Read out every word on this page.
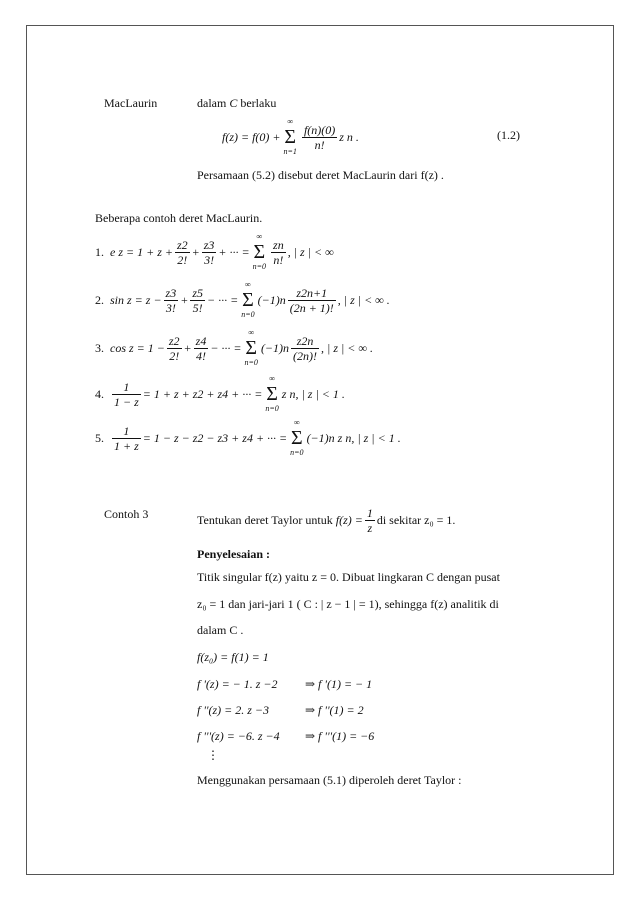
MacLaurin	dalam C berlaku
f(z) = f(0) +
∞
Σ
$n=1 \frac{f(n)(0)}{n!}$ z n .	(1.2)
Persamaan (5.2) disebut deret MacLaurin dari f(z) .
Beberapa contoh deret MacLaurin.
1. e $z = 1 + z + \frac{z2}{2!} + \frac{z3}{3!}$ + ··· =
∞
Σ
$n=0 \frac{zn}{n!}$ , | z | < ∞
2. $\sin z = z - \frac{z3}{3!} + \frac{z5}{5!}$ − ··· =
∞
Σ
n=0
$(-1)n \frac{z2n+1}{(2n + 1)!}$ , | z | < ∞ .
3. $\cos z = 1 - \frac{z2}{2!} + \frac{z4}{4!}$ − ··· =
∞
Σ
n=0
$(-1)n \frac{z2n}{(2n)!}$ , | z | < ∞ .
4. $\frac{1}{1 - z} = 1 + z + z2 + z4$ + ··· =
∞
Σ
n=0
z n , | z | < 1 .
5. $\frac{1}{1 + z} = 1 - z - z2 - z3 + z4$ + ··· =
∞
Σ
n=0
(−1)n z n , | z | < 1 .
Contoh 3	Tentukan deret Taylor untuk
$f(z) = \frac{1}{z}$ di sekitar z₀ = 1.
Penyelesaian :
Titik singular f(z) yaitu z = 0. Dibuat lingkaran C dengan pusat
z₀ = 1 dan jari-jari 1 ( C : | z − 1 | = 1), sehingga f(z) analitik di
dalam C .
f(z₀) = f(1) = 1
f '(z) = − 1. z −2 ⇒ f '(1) = − 1
f ''(z) = 2. z −3	⇒ f ''(1) = 2
f '''(z) = −6. z −4 ⇒ f '''(1) = −6
⋮
Menggunakan persamaan (5.1) diperoleh deret Taylor :
